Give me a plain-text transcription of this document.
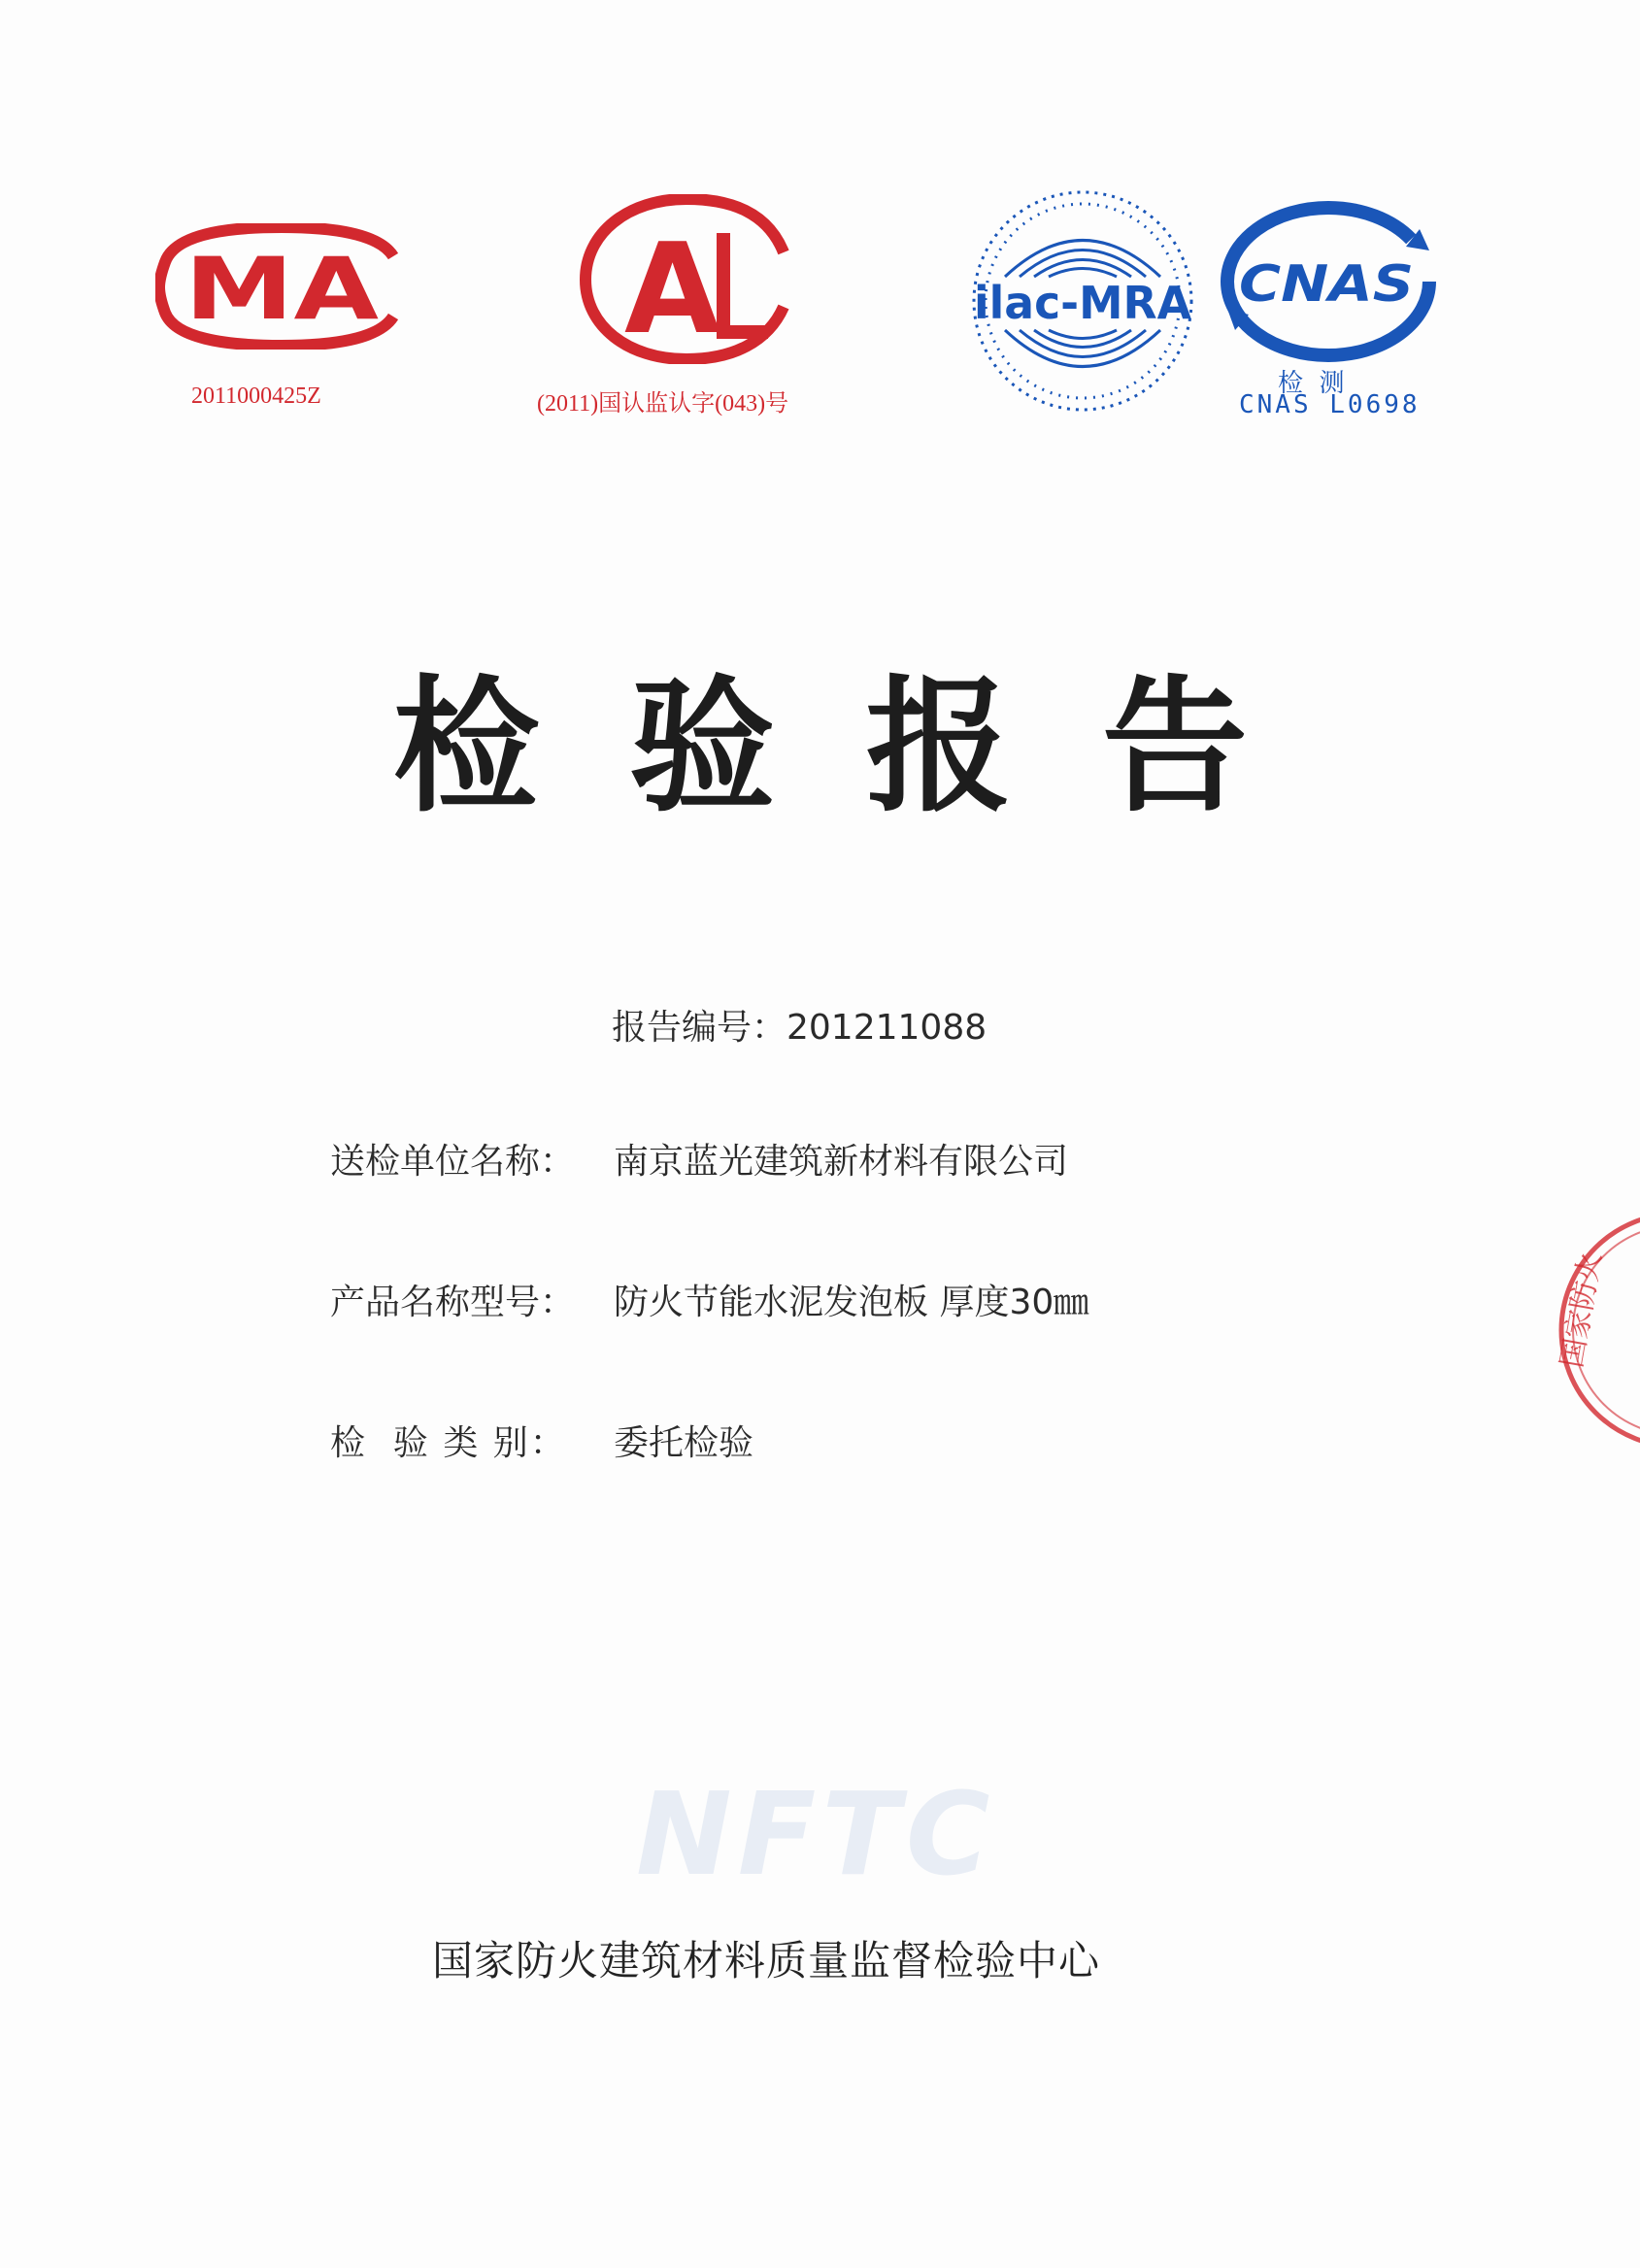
MA
2011000425Z
A
(2011)国认监认字(043)号
ilac-MRA CNAS
检  测
CNAS L0698
检 验 报 告
报告编号：201211088
送检单位名称： 南京蓝光建筑新材料有限公司
产品名称型号： 防火节能水泥发泡板 厚度30㎜
检  验 类 别： 委托检验
NFTC
国家防火建筑材料质量监督检验中心
国家防火
